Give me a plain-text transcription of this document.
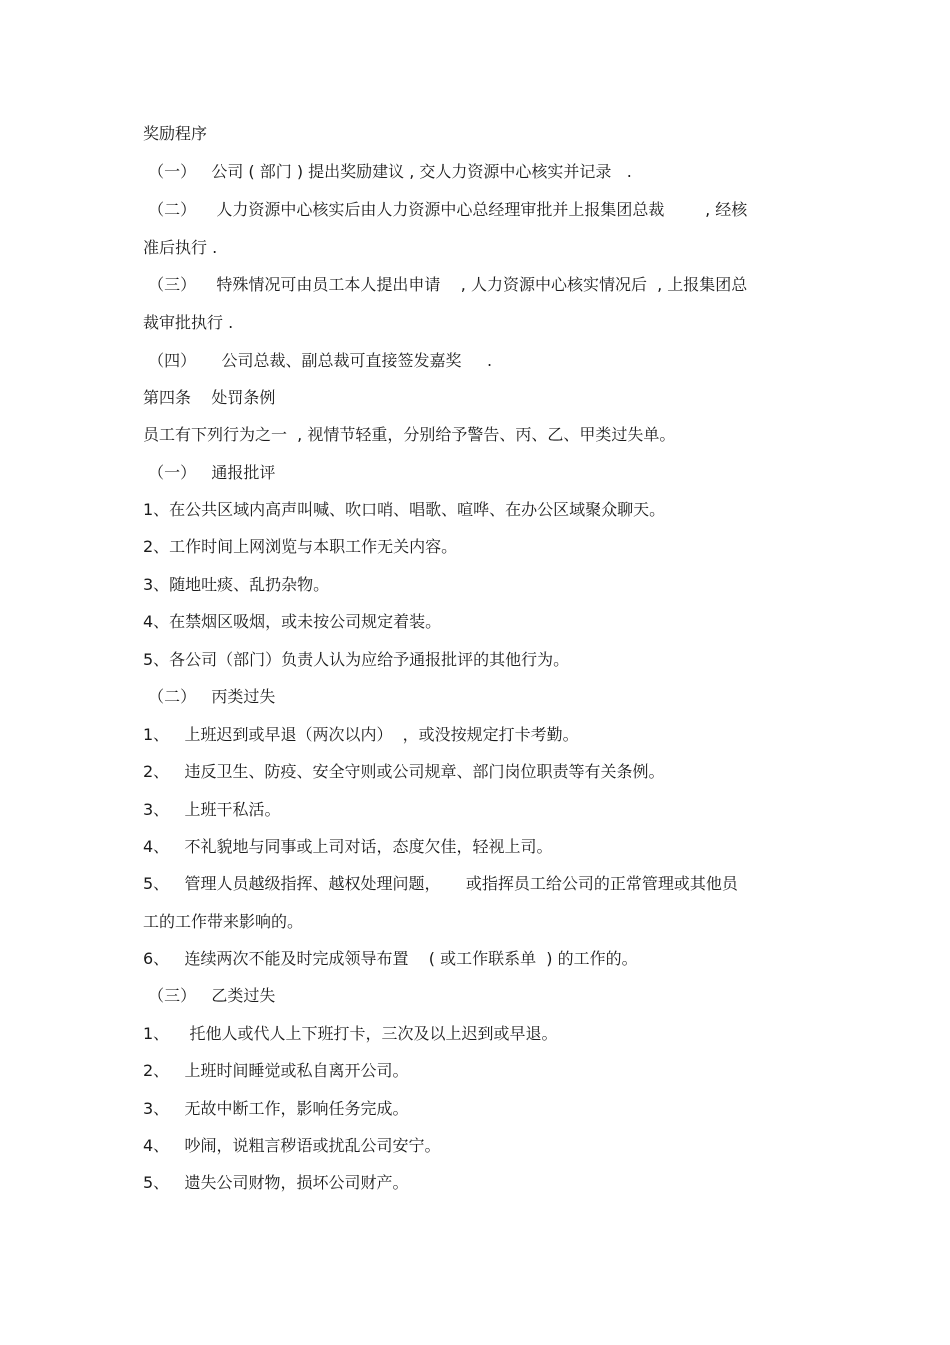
奖励程序
（一）   公司 ( 部门 ) 提出奖励建议 , 交人力资源中心核实并记录   .
（二）    人力资源中心核实后由人力资源中心总经理审批并上报集团总裁        , 经核
准后执行 .
（三）    特殊情况可由员工本人提出申请    , 人力资源中心核实情况后  , 上报集团总
裁审批执行 .
（四）     公司总裁、副总裁可直接签发嘉奖     .
第四条    处罚条例
员工有下列行为之一  , 视情节轻重，分别给予警告、丙、乙、甲类过失单。
（一）   通报批评
1、在公共区域内高声叫喊、吹口哨、唱歌、喧哗、在办公区域聚众聊天。
2、工作时间上网浏览与本职工作无关内容。
3、随地吐痰、乱扔杂物。
4、在禁烟区吸烟，或未按公司规定着装。
5、各公司（部门）负责人认为应给予通报批评的其他行为。
（二）   丙类过失
1、   上班迟到或早退（两次以内）  ，或没按规定打卡考勤。
2、   违反卫生、防疫、安全守则或公司规章、部门岗位职责等有关条例。
3、   上班干私活。
4、   不礼貌地与同事或上司对话，态度欠佳，轻视上司。
5、   管理人员越级指挥、越权处理问题，     或指挥员工给公司的正常管理或其他员
工的工作带来影响的。
6、   连续两次不能及时完成领导布置    ( 或工作联系单  ) 的工作的。
（三）   乙类过失
1、    托他人或代人上下班打卡，三次及以上迟到或早退。
2、   上班时间睡觉或私自离开公司。
3、   无故中断工作，影响任务完成。
4、   吵闹，说粗言秽语或扰乱公司安宁。
5、   遗失公司财物，损坏公司财产。
